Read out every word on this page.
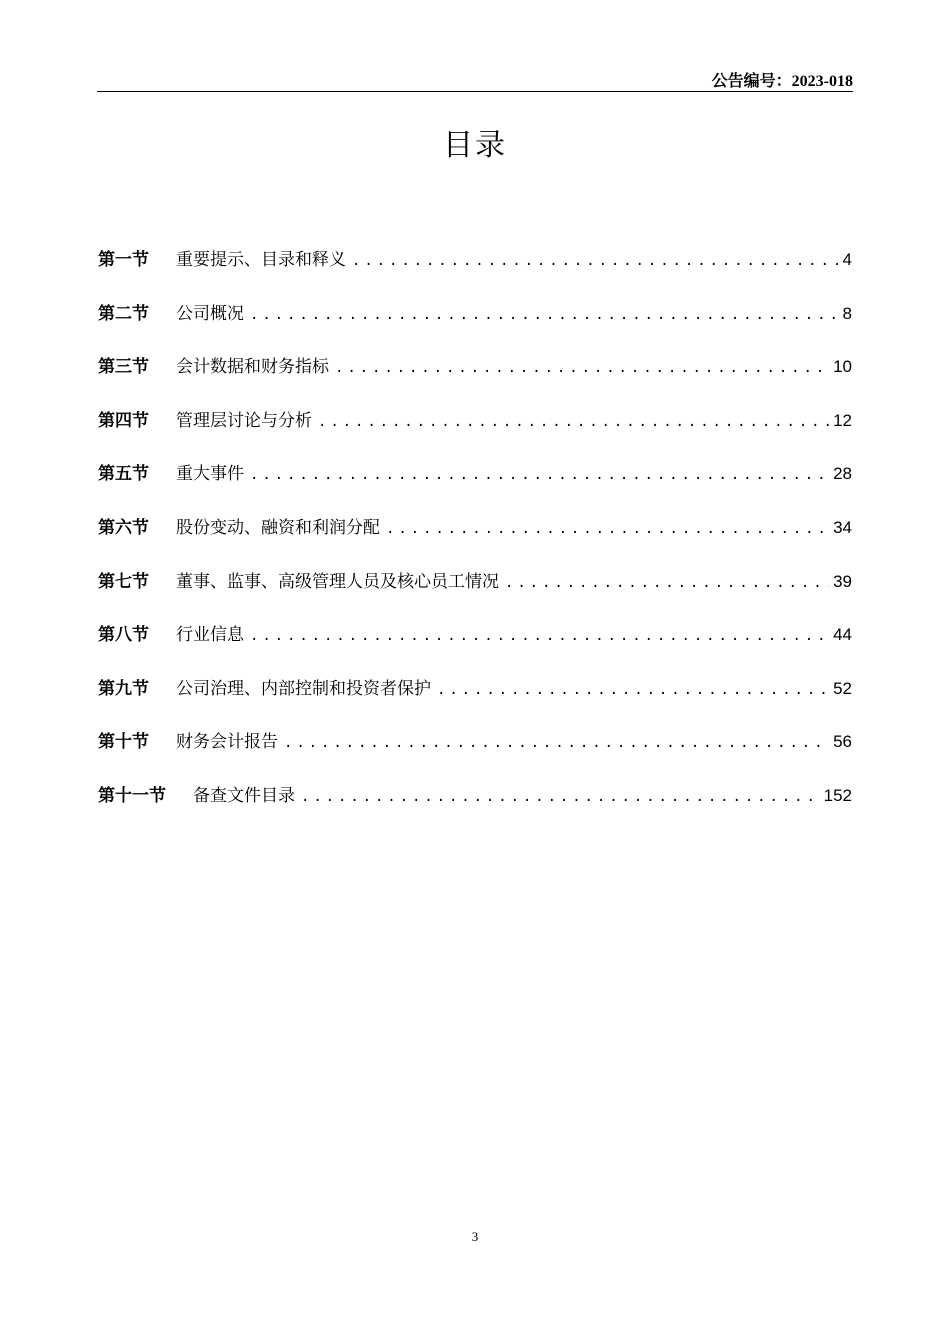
公告编号：2023-018
目录
第一节 重要提示、目录和释义 .....	4
第二节 公司概况 .....	8
第三节 会计数据和财务指标 .....	10
第四节 管理层讨论与分析 .....	12
第五节 重大事件 .....	28
第六节 股份变动、融资和利润分配 .....	34
第七节 董事、监事、高级管理人员及核心员工情况 .....	39
第八节 行业信息 .....	44
第九节 公司治理、内部控制和投资者保护 .....	52
第十节 财务会计报告 .....	56
第十一节 备查文件目录 .....	152
3
